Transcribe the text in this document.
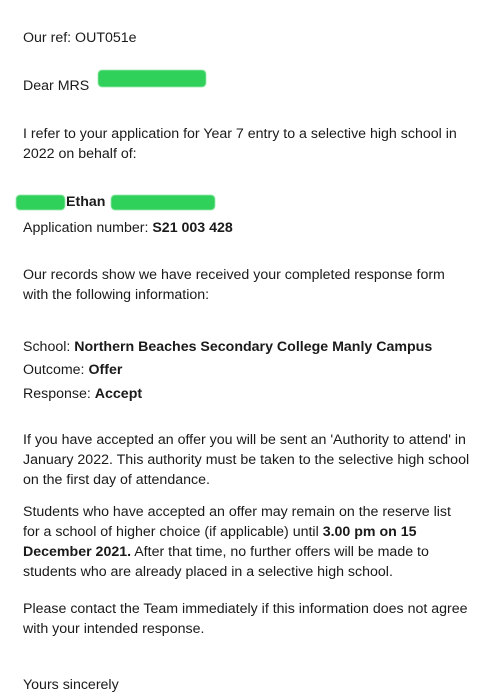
Our ref: OUT051e
Dear MRS
I refer to your application for Year 7 entry to a selective high school in 2022 on behalf of:
Ethan
Application number: S21 003 428
Our records show we have received your completed response form with the following information:
School: Northern Beaches Secondary College Manly Campus
Outcome: Offer
Response: Accept
If you have accepted an offer you will be sent an 'Authority to attend' in January 2022. This authority must be taken to the selective high school on the first day of attendance.
Students who have accepted an offer may remain on the reserve list for a school of higher choice (if applicable) until 3.00 pm on 15 December 2021. After that time, no further offers will be made to students who are already placed in a selective high school.
Please contact the Team immediately if this information does not agree with your intended response.
Yours sincerely
